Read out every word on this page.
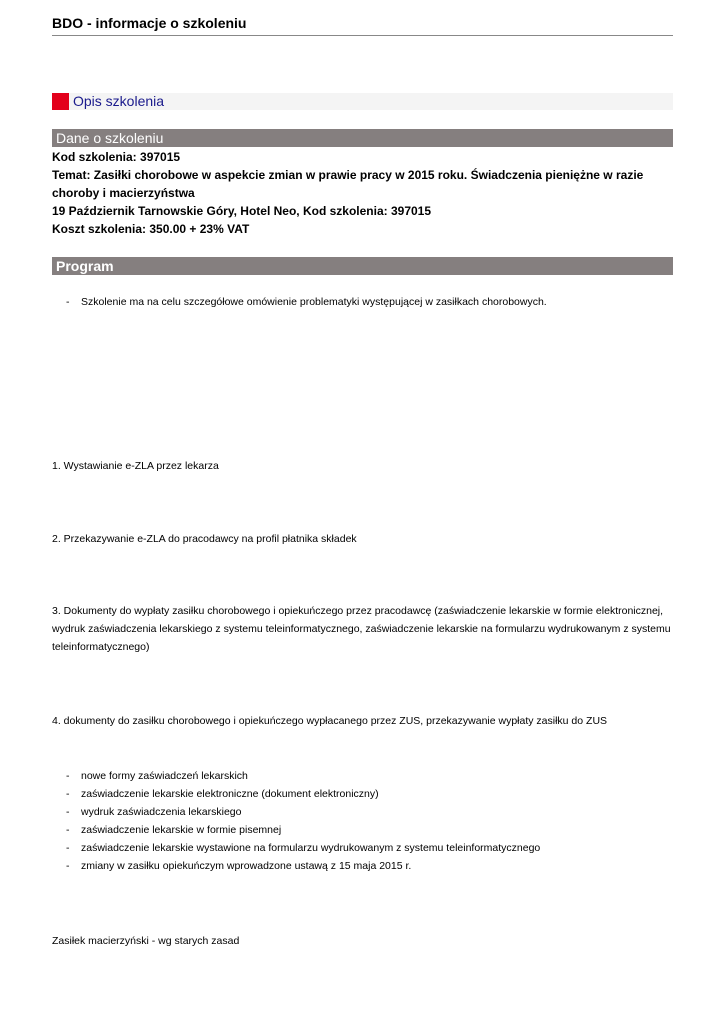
BDO - informacje o szkoleniu
Opis szkolenia
Dane o szkoleniu
Kod szkolenia: 397015
Temat: Zasiłki chorobowe w aspekcie zmian w prawie pracy w 2015 roku. Świadczenia pieniężne w razie choroby i macierzyństwa
19 Październik Tarnowskie Góry, Hotel Neo, Kod szkolenia: 397015
Koszt szkolenia: 350.00 + 23% VAT
Program
- Szkolenie ma na celu szczegółowe omówienie problematyki występującej w zasiłkach chorobowych.
1. Wystawianie e-ZLA przez lekarza
2. Przekazywanie e-ZLA do pracodawcy na profil płatnika składek
3. Dokumenty do wypłaty zasiłku chorobowego i opiekuńczego przez pracodawcę (zaświadczenie lekarskie w formie elektronicznej, wydruk zaświadczenia lekarskiego z systemu teleinformatycznego, zaświadczenie lekarskie na formularzu wydrukowanym z systemu teleinformatycznego)
4. dokumenty do zasiłku chorobowego i opiekuńczego wypłacanego przez ZUS, przekazywanie wypłaty zasiłku do ZUS
- nowe formy zaświadczeń lekarskich
- zaświadczenie lekarskie elektroniczne (dokument elektroniczny)
- wydruk zaświadczenia lekarskiego
- zaświadczenie lekarskie w formie pisemnej
- zaświadczenie lekarskie wystawione na formularzu wydrukowanym z systemu teleinformatycznego
- zmiany w zasiłku opiekuńczym wprowadzone ustawą z 15 maja 2015 r.
Zasiłek macierzyński - wg starych zasad
